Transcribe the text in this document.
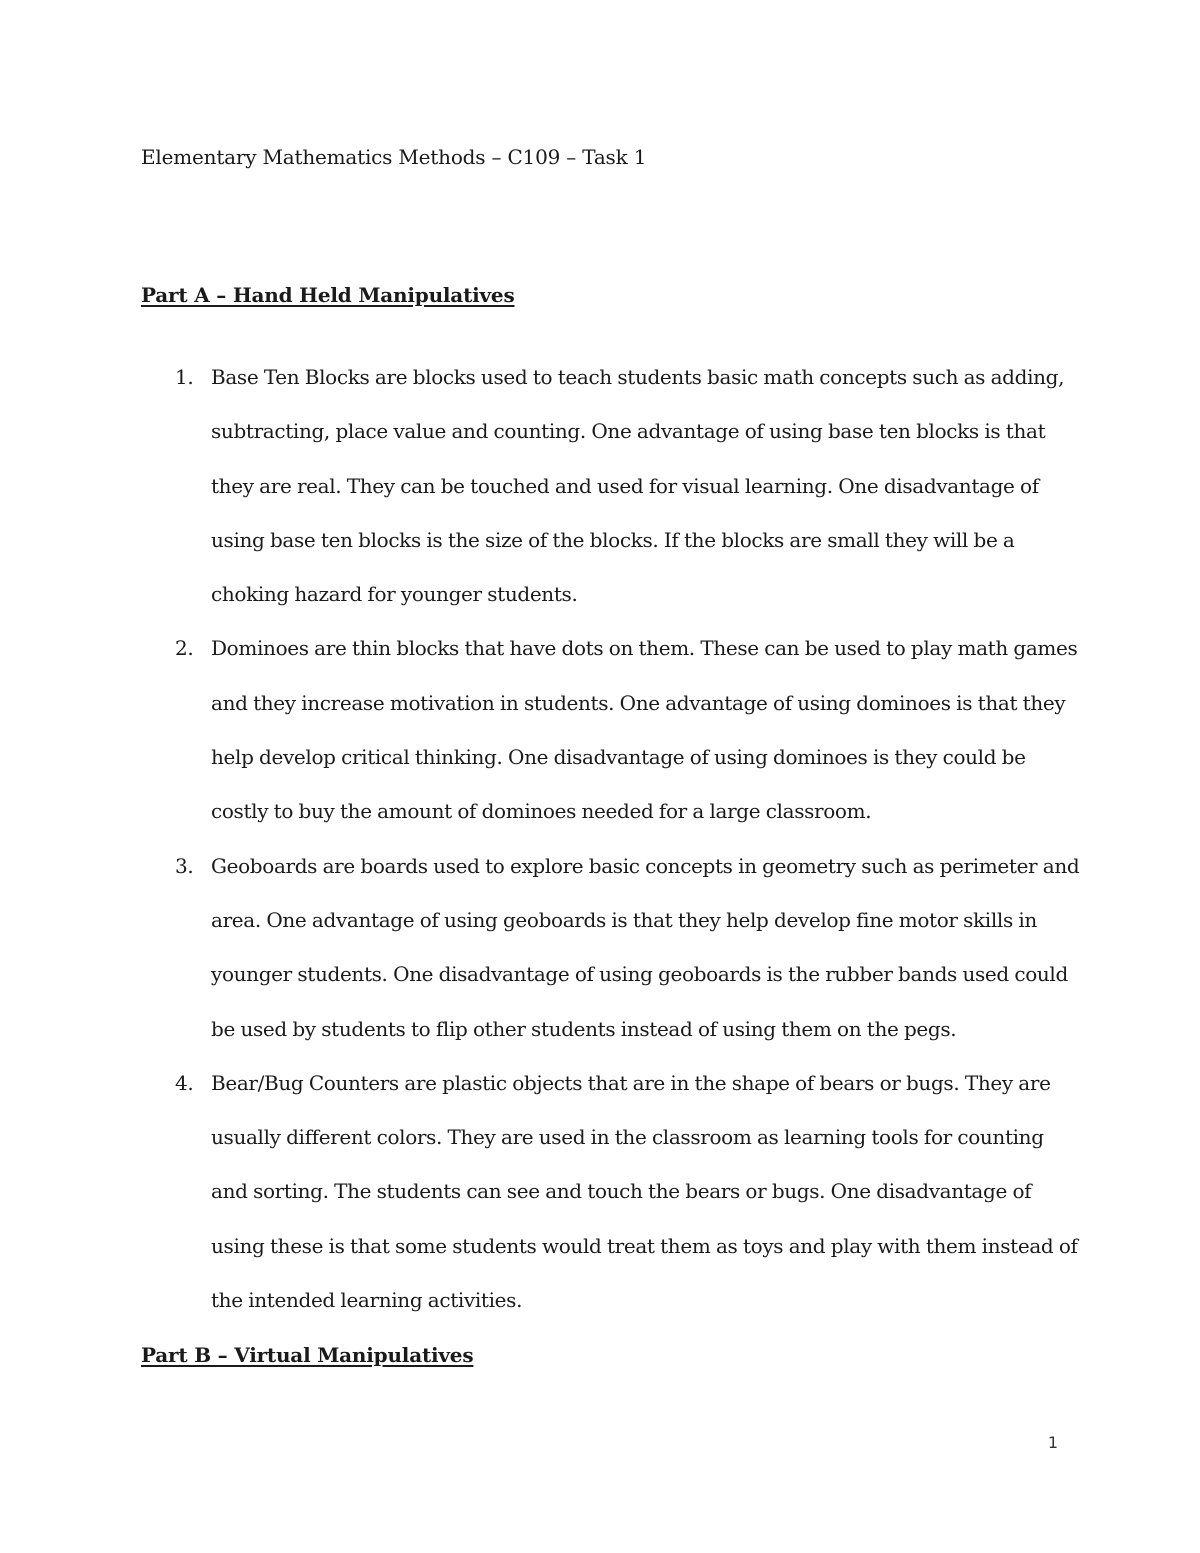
Elementary Mathematics Methods – C109 – Task 1
Part A – Hand Held Manipulatives
1. Base Ten Blocks are blocks used to teach students basic math concepts such as adding, subtracting, place value and counting. One advantage of using base ten blocks is that they are real. They can be touched and used for visual learning. One disadvantage of using base ten blocks is the size of the blocks. If the blocks are small they will be a choking hazard for younger students.
2. Dominoes are thin blocks that have dots on them. These can be used to play math games and they increase motivation in students. One advantage of using dominoes is that they help develop critical thinking. One disadvantage of using dominoes is they could be costly to buy the amount of dominoes needed for a large classroom.
3. Geoboards are boards used to explore basic concepts in geometry such as perimeter and area. One advantage of using geoboards is that they help develop fine motor skills in younger students. One disadvantage of using geoboards is the rubber bands used could be used by students to flip other students instead of using them on the pegs.
4. Bear/Bug Counters are plastic objects that are in the shape of bears or bugs. They are usually different colors. They are used in the classroom as learning tools for counting and sorting. The students can see and touch the bears or bugs. One disadvantage of using these is that some students would treat them as toys and play with them instead of the intended learning activities.
Part B – Virtual Manipulatives
1
